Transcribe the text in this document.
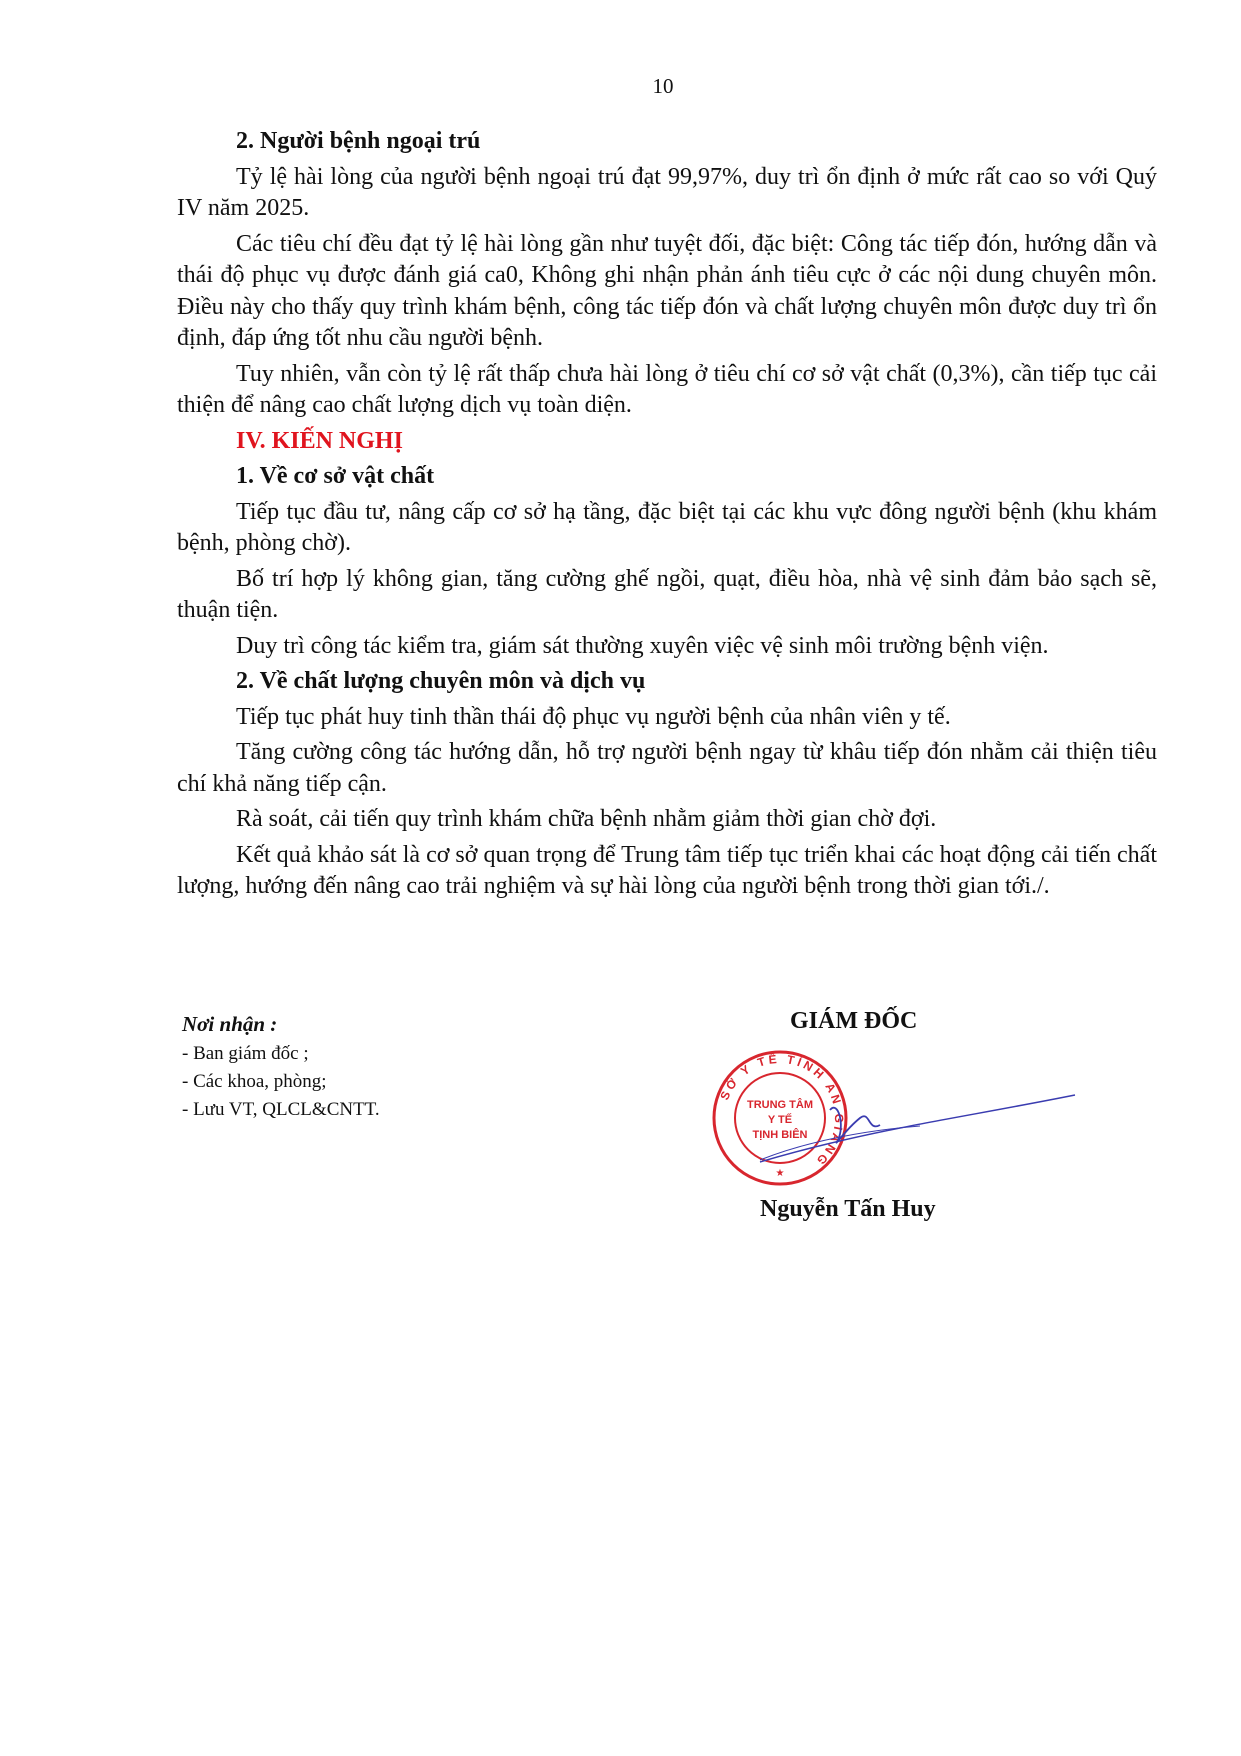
10
2. Người bệnh ngoại trú

Tỷ lệ hài lòng của người bệnh ngoại trú đạt 99,97%, duy trì ổn định ở mức rất cao so với Quý IV năm 2025.

Các tiêu chí đều đạt tỷ lệ hài lòng gần như tuyệt đối, đặc biệt: Công tác tiếp đón, hướng dẫn và thái độ phục vụ được đánh giá ca0, Không ghi nhận phản ánh tiêu cực ở các nội dung chuyên môn. Điều này cho thấy quy trình khám bệnh, công tác tiếp đón và chất lượng chuyên môn được duy trì ổn định, đáp ứng tốt nhu cầu người bệnh.

Tuy nhiên, vẫn còn tỷ lệ rất thấp chưa hài lòng ở tiêu chí cơ sở vật chất (0,3%), cần tiếp tục cải thiện để nâng cao chất lượng dịch vụ toàn diện.

IV. KIẾN NGHỊ
1. Về cơ sở vật chất

Tiếp tục đầu tư, nâng cấp cơ sở hạ tầng, đặc biệt tại các khu vực đông người bệnh (khu khám bệnh, phòng chờ).

Bố trí hợp lý không gian, tăng cường ghế ngồi, quạt, điều hòa, nhà vệ sinh đảm bảo sạch sẽ, thuận tiện.

Duy trì công tác kiểm tra, giám sát thường xuyên việc vệ sinh môi trường bệnh viện.

2. Về chất lượng chuyên môn và dịch vụ

Tiếp tục phát huy tinh thần thái độ phục vụ người bệnh của nhân viên y tế.

Tăng cường công tác hướng dẫn, hỗ trợ người bệnh ngay từ khâu tiếp đón nhằm cải thiện tiêu chí khả năng tiếp cận.

Rà soát, cải tiến quy trình khám chữa bệnh nhằm giảm thời gian chờ đợi.

Kết quả khảo sát là cơ sở quan trọng để Trung tâm tiếp tục triển khai các hoạt động cải tiến chất lượng, hướng đến nâng cao trải nghiệm và sự hài lòng của người bệnh trong thời gian tới./.

Nơi nhận :
- Ban giám đốc ;
- Các khoa, phòng;
- Lưu VT, QLCL&CNTT.
GIÁM ĐỐC
SỞ Y TẾ TỈNH AN GIANG
TRUNG TÂM
Y TẾ
TỊNH BIÊN
★
Nguyễn Tấn Huy
